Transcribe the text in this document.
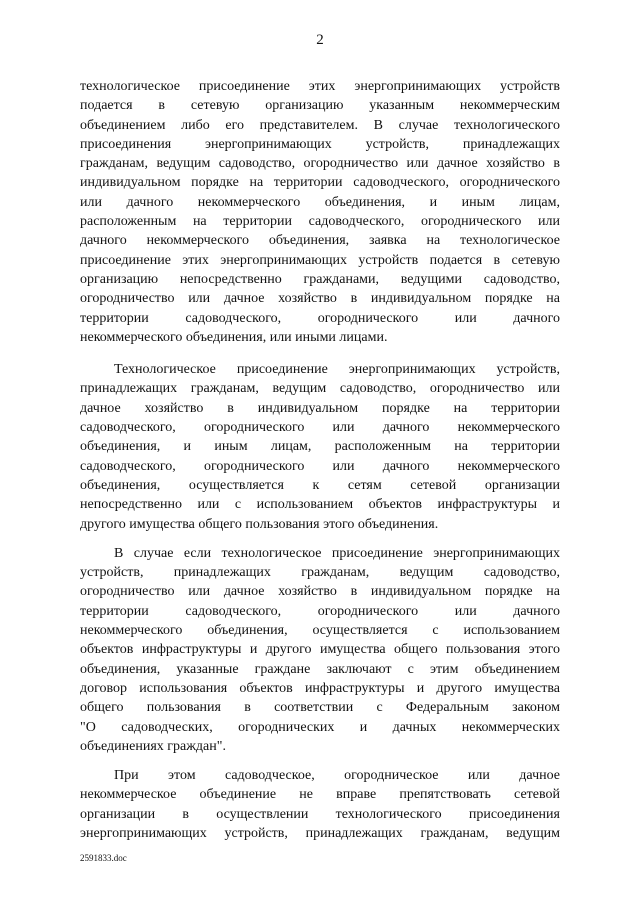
2
технологическое присоединение этих энергопринимающих устройств
подается в сетевую организацию указанным некоммерческим
объединением либо его представителем. В случае технологического
присоединения энергопринимающих устройств, принадлежащих
гражданам, ведущим садоводство, огородничество или дачное хозяйство в
индивидуальном порядке на территории садоводческого, огороднического
или дачного некоммерческого объединения, и иным лицам,
расположенным на территории садоводческого, огороднического или
дачного некоммерческого объединения, заявка на технологическое
присоединение этих энергопринимающих устройств подается в сетевую
организацию непосредственно гражданами, ведущими садоводство,
огородничество или дачное хозяйство в индивидуальном порядке на
территории садоводческого, огороднического или дачного
некоммерческого объединения, или иными лицами.
Технологическое присоединение энергопринимающих устройств,
принадлежащих гражданам, ведущим садоводство, огородничество или
дачное хозяйство в индивидуальном порядке на территории
садоводческого, огороднического или дачного некоммерческого
объединения, и иным лицам, расположенным на территории
садоводческого, огороднического или дачного некоммерческого
объединения, осуществляется к сетям сетевой организации
непосредственно или с использованием объектов инфраструктуры и
другого имущества общего пользования этого объединения.
В случае если технологическое присоединение энергопринимающих
устройств, принадлежащих гражданам, ведущим садоводство,
огородничество или дачное хозяйство в индивидуальном порядке на
территории садоводческого, огороднического или дачного
некоммерческого объединения, осуществляется с использованием
объектов инфраструктуры и другого имущества общего пользования этого
объединения, указанные граждане заключают с этим объединением
договор использования объектов инфраструктуры и другого имущества
общего пользования в соответствии с Федеральным законом
"О садоводческих, огороднических и дачных некоммерческих
объединениях граждан".
При этом садоводческое, огородническое или дачное
некоммерческое объединение не вправе препятствовать сетевой
организации в осуществлении технологического присоединения
энергопринимающих устройств, принадлежащих гражданам, ведущим
2591833.doc
